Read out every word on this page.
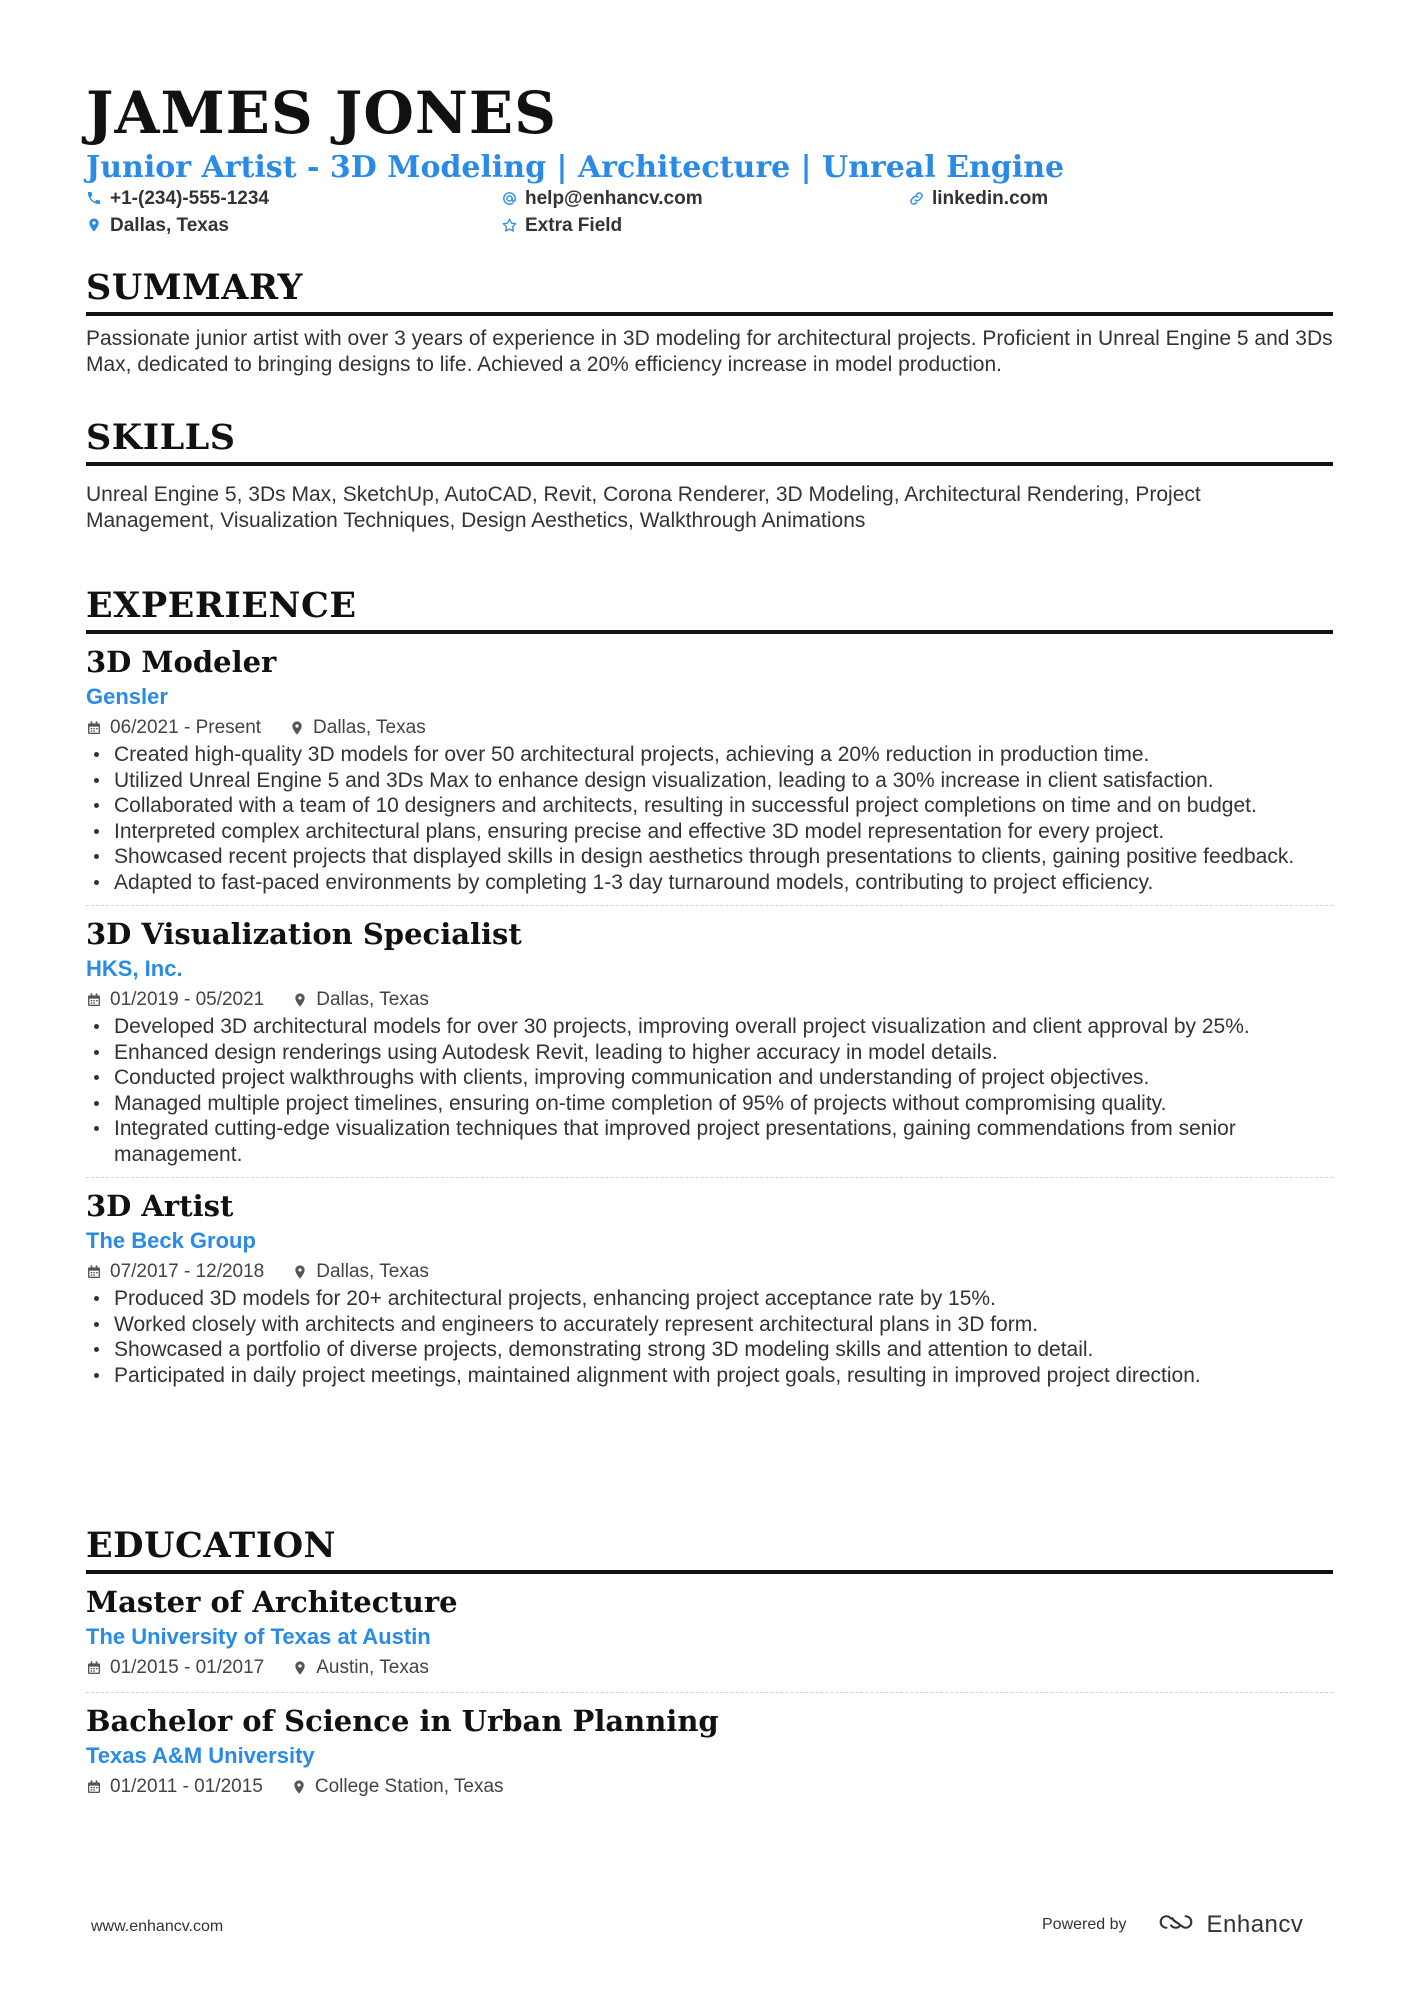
JAMES JONES
Junior Artist - 3D Modeling | Architecture | Unreal Engine
+1-(234)-555-1234	help@enhancv.com	linkedin.com
Dallas, Texas	Extra Field
SUMMARY

Passionate junior artist with over 3 years of experience in 3D modeling for architectural projects. Proficient in Unreal Engine 5 and 3Ds Max, dedicated to bringing designs to life. Achieved a 20% efficiency increase in model production.

SKILLS

Unreal Engine 5, 3Ds Max, SketchUp, AutoCAD, Revit, Corona Renderer, 3D Modeling, Architectural Rendering, Project Management, Visualization Techniques, Design Aesthetics, Walkthrough Animations

EXPERIENCE
3D Modeler
Gensler
06/2021 - Present	Dallas, Texas
Created high-quality 3D models for over 50 architectural projects, achieving a 20% reduction in production time.
Utilized Unreal Engine 5 and 3Ds Max to enhance design visualization, leading to a 30% increase in client satisfaction.
Collaborated with a team of 10 designers and architects, resulting in successful project completions on time and on budget.
Interpreted complex architectural plans, ensuring precise and effective 3D model representation for every project.
Showcased recent projects that displayed skills in design aesthetics through presentations to clients, gaining positive feedback.
Adapted to fast-paced environments by completing 1-3 day turnaround models, contributing to project efficiency.
3D Visualization Specialist
HKS, Inc.
01/2019 - 05/2021	Dallas, Texas
Developed 3D architectural models for over 30 projects, improving overall project visualization and client approval by 25%.
Enhanced design renderings using Autodesk Revit, leading to higher accuracy in model details.
Conducted project walkthroughs with clients, improving communication and understanding of project objectives.
Managed multiple project timelines, ensuring on-time completion of 95% of projects without compromising quality.
Integrated cutting-edge visualization techniques that improved project presentations, gaining commendations from senior management.
3D Artist
The Beck Group
07/2017 - 12/2018	Dallas, Texas
Produced 3D models for 20+ architectural projects, enhancing project acceptance rate by 15%.
Worked closely with architects and engineers to accurately represent architectural plans in 3D form.
Showcased a portfolio of diverse projects, demonstrating strong 3D modeling skills and attention to detail.
Participated in daily project meetings, maintained alignment with project goals, resulting in improved project direction.
EDUCATION
Master of Architecture
The University of Texas at Austin
01/2015 - 01/2017	Austin, Texas
Bachelor of Science in Urban Planning
Texas A&M University
01/2011 - 01/2015	College Station, Texas
www.enhancv.com	Powered by	Enhancv
